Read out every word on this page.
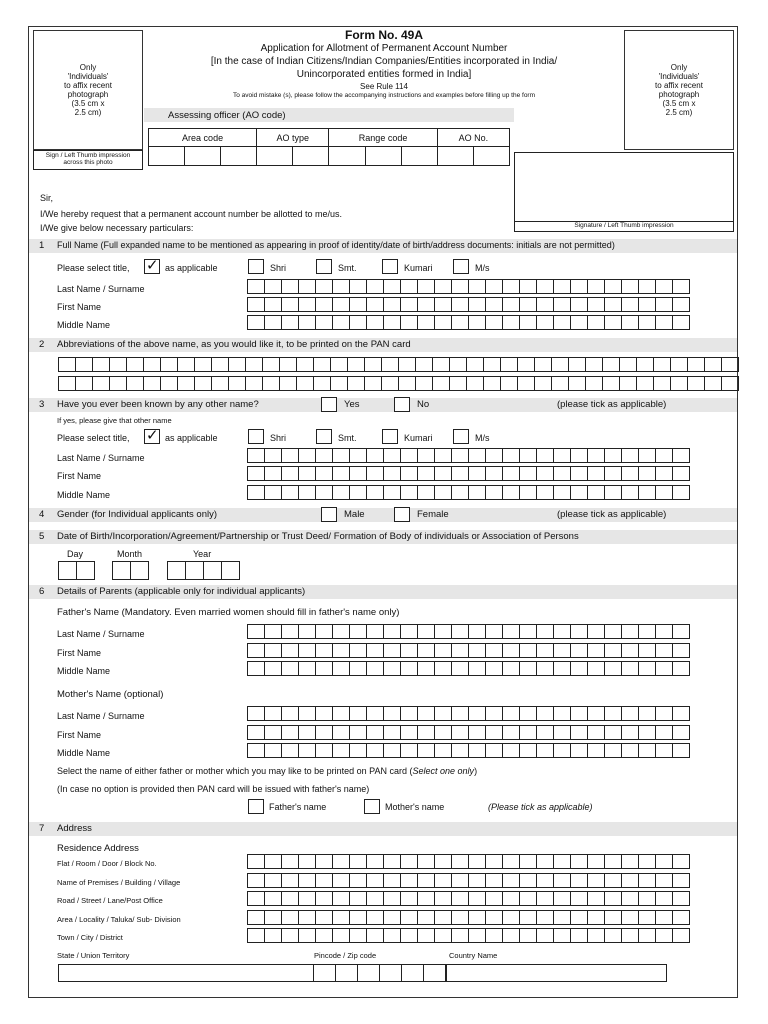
Form No. 49A
Application for Allotment of Permanent Account Number
[In the case of Indian Citizens/Indian Companies/Entities incorporated in India/
Unincorporated entities formed in India]
See Rule 114
To avoid mistake (s), please follow the accompanying instructions and examples before filling up the form
Only
'Individuals'
to affix recent
photograph
(3.5 cm x
2.5 cm)
Sign / Left Thumb impression
across this photo
Only
'Individuals'
to affix recent
photograph
(3.5 cm x
2.5 cm)
Signature / Left Thumb impression
Assessing officer (AO code)
Area code			AO type		Range code			AO No.	

Sir,
I/We hereby request that a permanent account number be allotted to me/us.
I/We give below necessary particulars:
1 Full Name (Full expanded name to be mentioned as appearing in proof of identity/date of birth/address documents: initials are not permitted)
Please select title, ✓ as applicable	Shri	Smt.	Kumari	M/s
Last Name / Surname
First Name
Middle Name
2 Abbreviations of the above name, as you would like it, to be printed on the PAN card
3 Have you ever been known by any other name?	Yes	No	(please tick as applicable)
If yes, please give that other name
Please select title, ✓ as applicable	Shri	Smt.	Kumari	M/s
Last Name / Surname
First Name
Middle Name
4 Gender (for Individual applicants only)	Male	Female	(please tick as applicable)
5 Date of Birth/Incorporation/Agreement/Partnership or Trust Deed/ Formation of Body of individuals or Association of Persons
Day	Month	Year
6 Details of Parents (applicable only for individual applicants)
Father's Name (Mandatory. Even married women should fill in father's name only)
Last Name / Surname
First Name
Middle Name
Mother's Name (optional)
Last Name / Surname
First Name
Middle Name
Select the name of either father or mother which you may like to be printed on PAN card (Select one only)
(In case no option is provided then PAN card will be issued with father's name)
Father's name	Mother's name	(Please tick as applicable)
7 Address
Residence Address
Flat / Room / Door / Block No.
Name of Premises / Building / Village
Road / Street / Lane/Post Office
Area / Locality / Taluka/ Sub- Division
Town / City / District
State / Union Territory	Pincode / Zip code	Country Name
